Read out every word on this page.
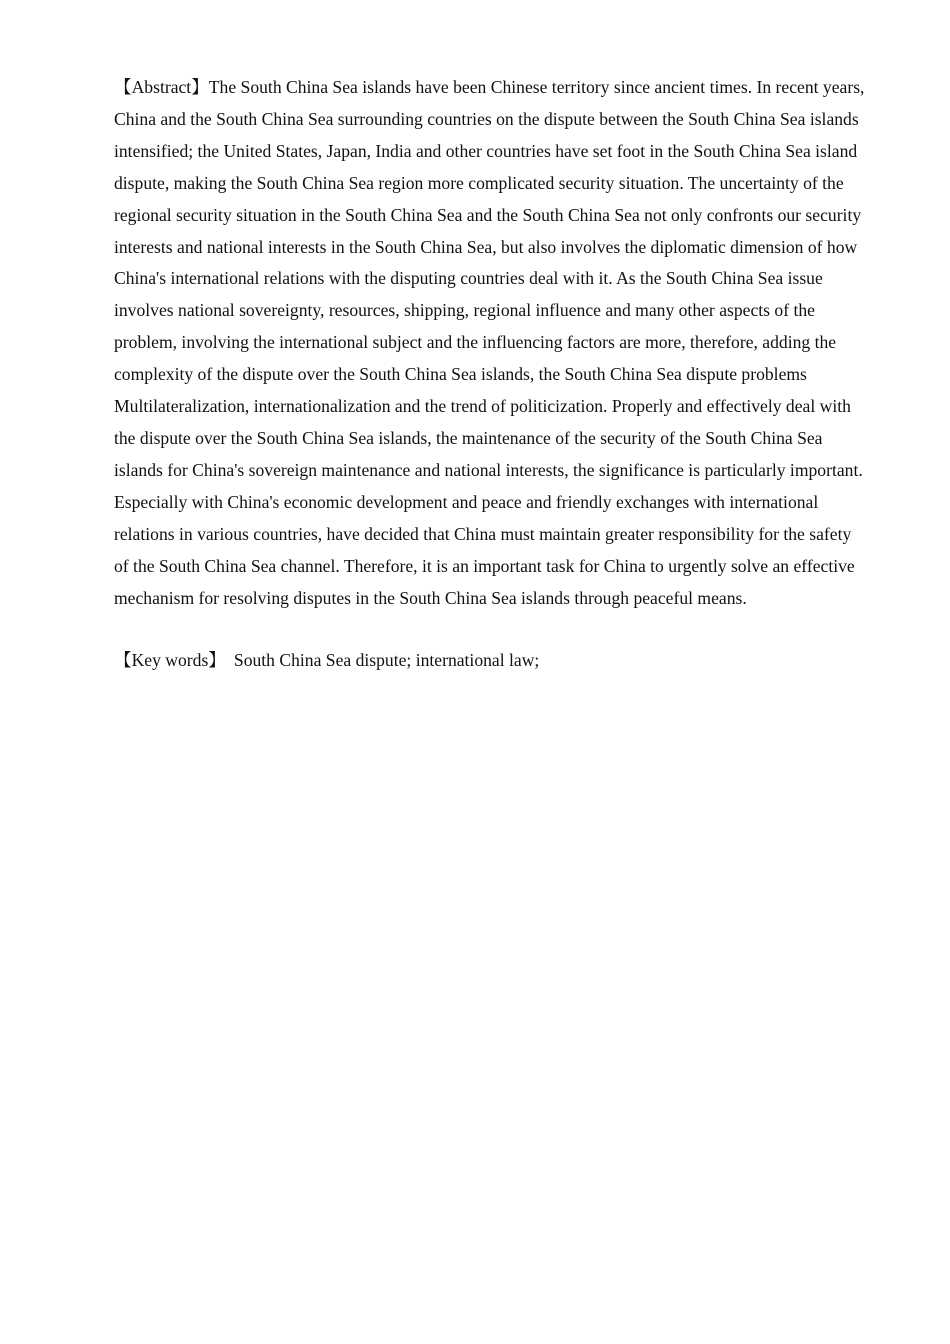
【Abstract】The South China Sea islands have been Chinese territory since ancient times. In recent years, China and the South China Sea surrounding countries on the dispute between the South China Sea islands intensified; the United States, Japan, India and other countries have set foot in the South China Sea island dispute, making the South China Sea region more complicated security situation. The uncertainty of the regional security situation in the South China Sea and the South China Sea not only confronts our security interests and national interests in the South China Sea, but also involves the diplomatic dimension of how China's international relations with the disputing countries deal with it. As the South China Sea issue involves national sovereignty, resources, shipping, regional influence and many other aspects of the problem, involving the international subject and the influencing factors are more, therefore, adding the complexity of the dispute over the South China Sea islands, the South China Sea dispute problems Multilateralization, internationalization and the trend of politicization. Properly and effectively deal with the dispute over the South China Sea islands, the maintenance of the security of the South China Sea islands for China's sovereign maintenance and national interests, the significance is particularly important. Especially with China's economic development and peace and friendly exchanges with international relations in various countries, have decided that China must maintain greater responsibility for the safety of the South China Sea channel. Therefore, it is an important task for China to urgently solve an effective mechanism for resolving disputes in the South China Sea islands through peaceful means.

【Key words】 South China Sea dispute; international law;
